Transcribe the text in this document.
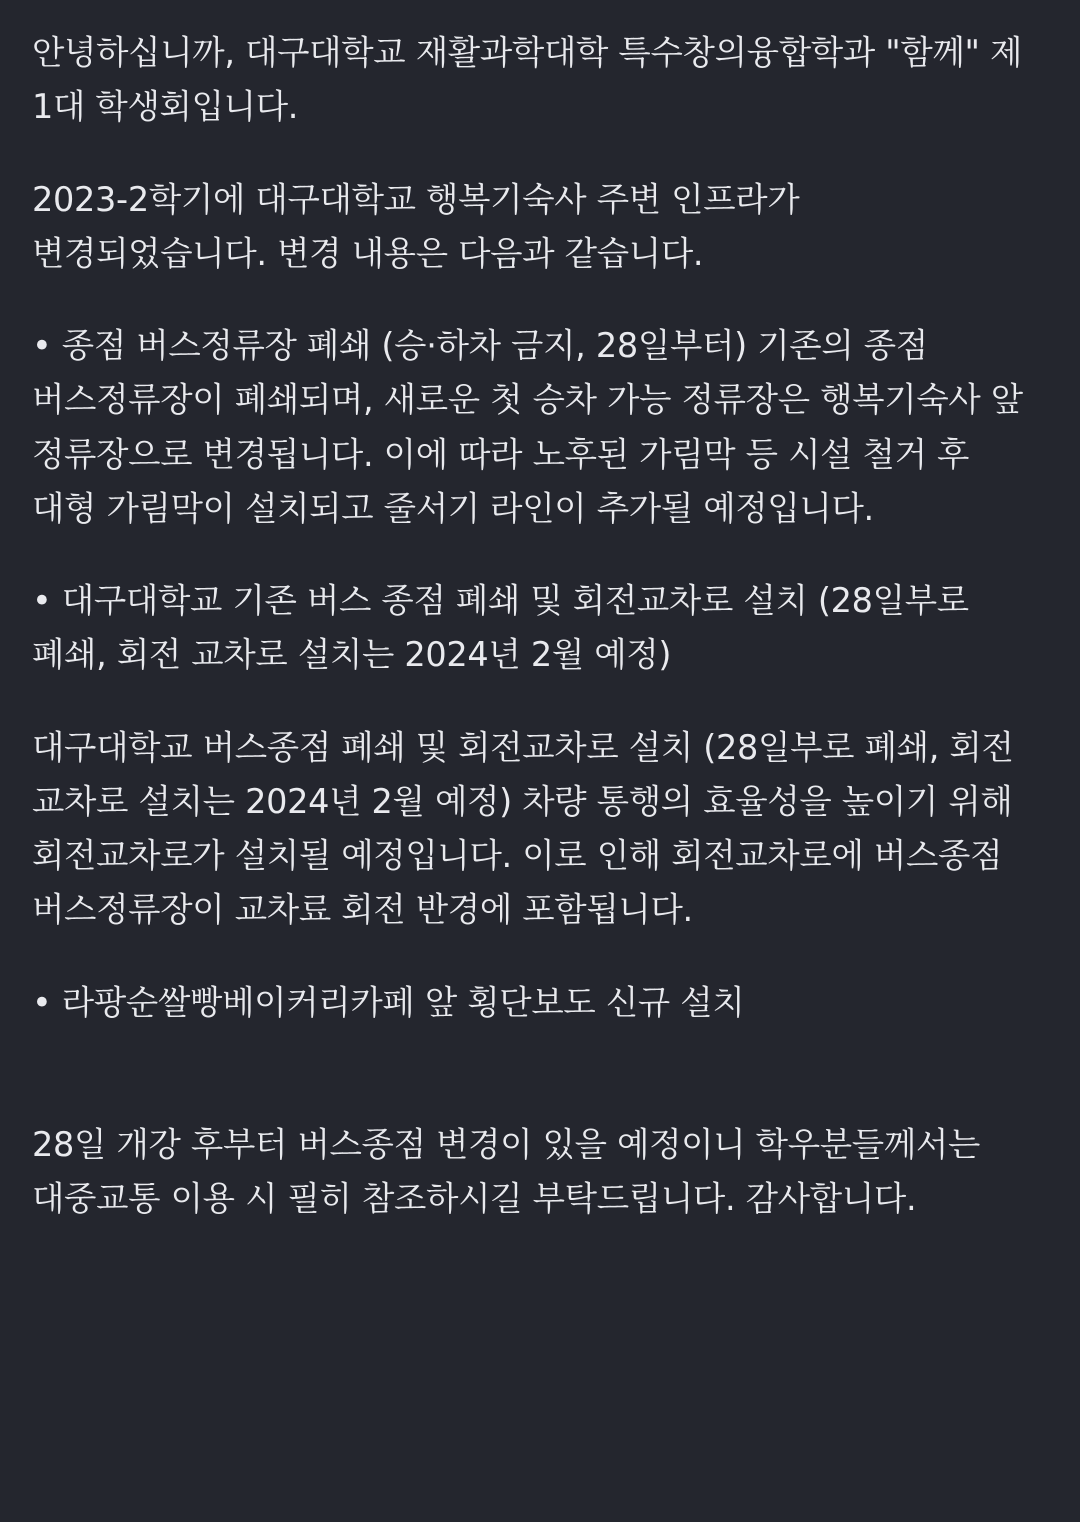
안녕하십니까, 대구대학교 재활과학대학 특수창의융합학과 "함께" 제 1대 학생회입니다.

2023-2학기에 대구대학교 행복기숙사 주변 인프라가 변경되었습니다. 변경 내용은 다음과 같습니다.

• 종점 버스정류장 폐쇄 (승·하차 금지, 28일부터) 기존의 종점 버스정류장이 폐쇄되며, 새로운 첫 승차 가능 정류장은 행복기숙사 앞 정류장으로 변경됩니다. 이에 따라 노후된 가림막 등 시설 철거 후 대형 가림막이 설치되고 줄서기 라인이 추가될 예정입니다.

• 대구대학교 기존 버스 종점 폐쇄 및 회전교차로 설치 (28일부로 폐쇄, 회전 교차로 설치는 2024년 2월 예정)

대구대학교 버스종점 폐쇄 및 회전교차로 설치 (28일부로 폐쇄, 회전 교차로 설치는 2024년 2월 예정) 차량 통행의 효율성을 높이기 위해 회전교차로가 설치될 예정입니다. 이로 인해 회전교차로에 버스종점 버스정류장이 교차료 회전 반경에 포함됩니다.

• 라팡순쌀빵베이커리카페 앞 횡단보도 신규 설치

28일 개강 후부터 버스종점 변경이 있을 예정이니 학우분들께서는 대중교통 이용 시 필히 참조하시길 부탁드립니다. 감사합니다.
